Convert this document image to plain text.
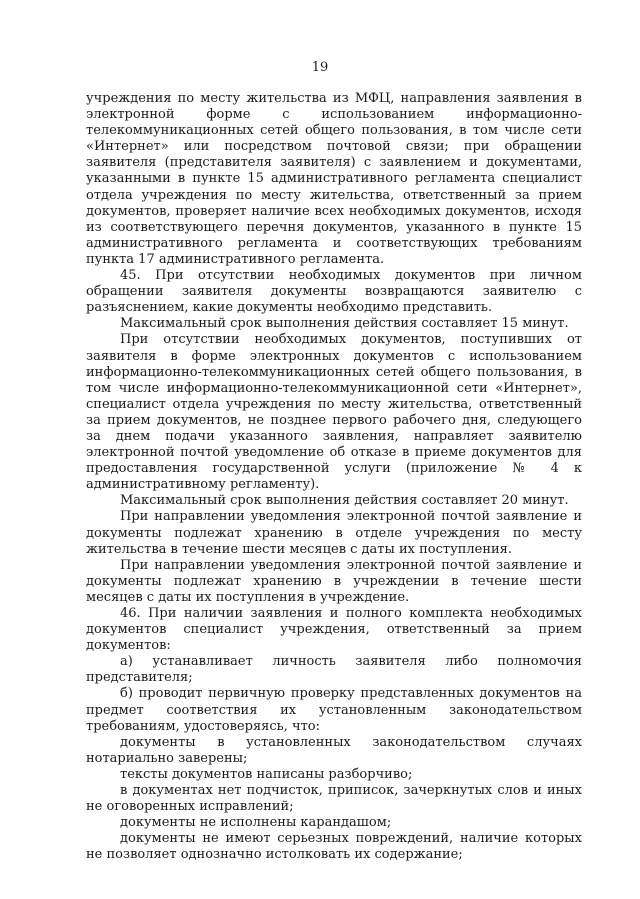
19

учреждения по месту жительства из МФЦ, направления заявления в электронной форме с использованием информационно-телекоммуникационных сетей общего пользования, в том числе сети «Интернет» или посредством почтовой связи; при обращении заявителя (представителя заявителя) с заявлением и документами, указанными в пункте 15 административного регламента специалист отдела учреждения по месту жительства, ответственный за прием документов, проверяет наличие всех необходимых документов, исходя из соответствующего перечня документов, указанного в пункте 15 административного регламента и соответствующих требованиям пункта 17 административного регламента.

45. При отсутствии необходимых документов при личном обращении заявителя документы возвращаются заявителю с разъяснением, какие документы необходимо представить.

Максимальный срок выполнения действия составляет 15 минут.

При отсутствии необходимых документов, поступивших от заявителя в форме электронных документов с использованием информационно-телекоммуникационных сетей общего пользования, в том числе информационно-телекоммуникационной сети «Интернет», специалист отдела учреждения по месту жительства, ответственный за прием документов, не позднее первого рабочего дня, следующего за днем подачи указанного заявления, направляет заявителю электронной почтой уведомление об отказе в приеме документов для предоставления государственной услуги (приложение № 4 к административному регламенту).

Максимальный срок выполнения действия составляет 20 минут.

При направлении уведомления электронной почтой заявление и документы подлежат хранению в отделе учреждения по месту жительства в течение шести месяцев с даты их поступления.

При направлении уведомления электронной почтой заявление и документы подлежат хранению в учреждении в течение шести месяцев с даты их поступления в учреждение.

46. При наличии заявления и полного комплекта необходимых документов специалист учреждения, ответственный за прием документов:

а) устанавливает личность заявителя либо полномочия представителя;

б) проводит первичную проверку представленных документов на предмет соответствия их установленным законодательством требованиям, удостоверяясь, что:

документы в установленных законодательством случаях нотариально заверены;

тексты документов написаны разборчиво;

в документах нет подчисток, приписок, зачеркнутых слов и иных не оговоренных исправлений;

документы не исполнены карандашом;

документы не имеют серьезных повреждений, наличие которых не позволяет однозначно истолковать их содержание;
